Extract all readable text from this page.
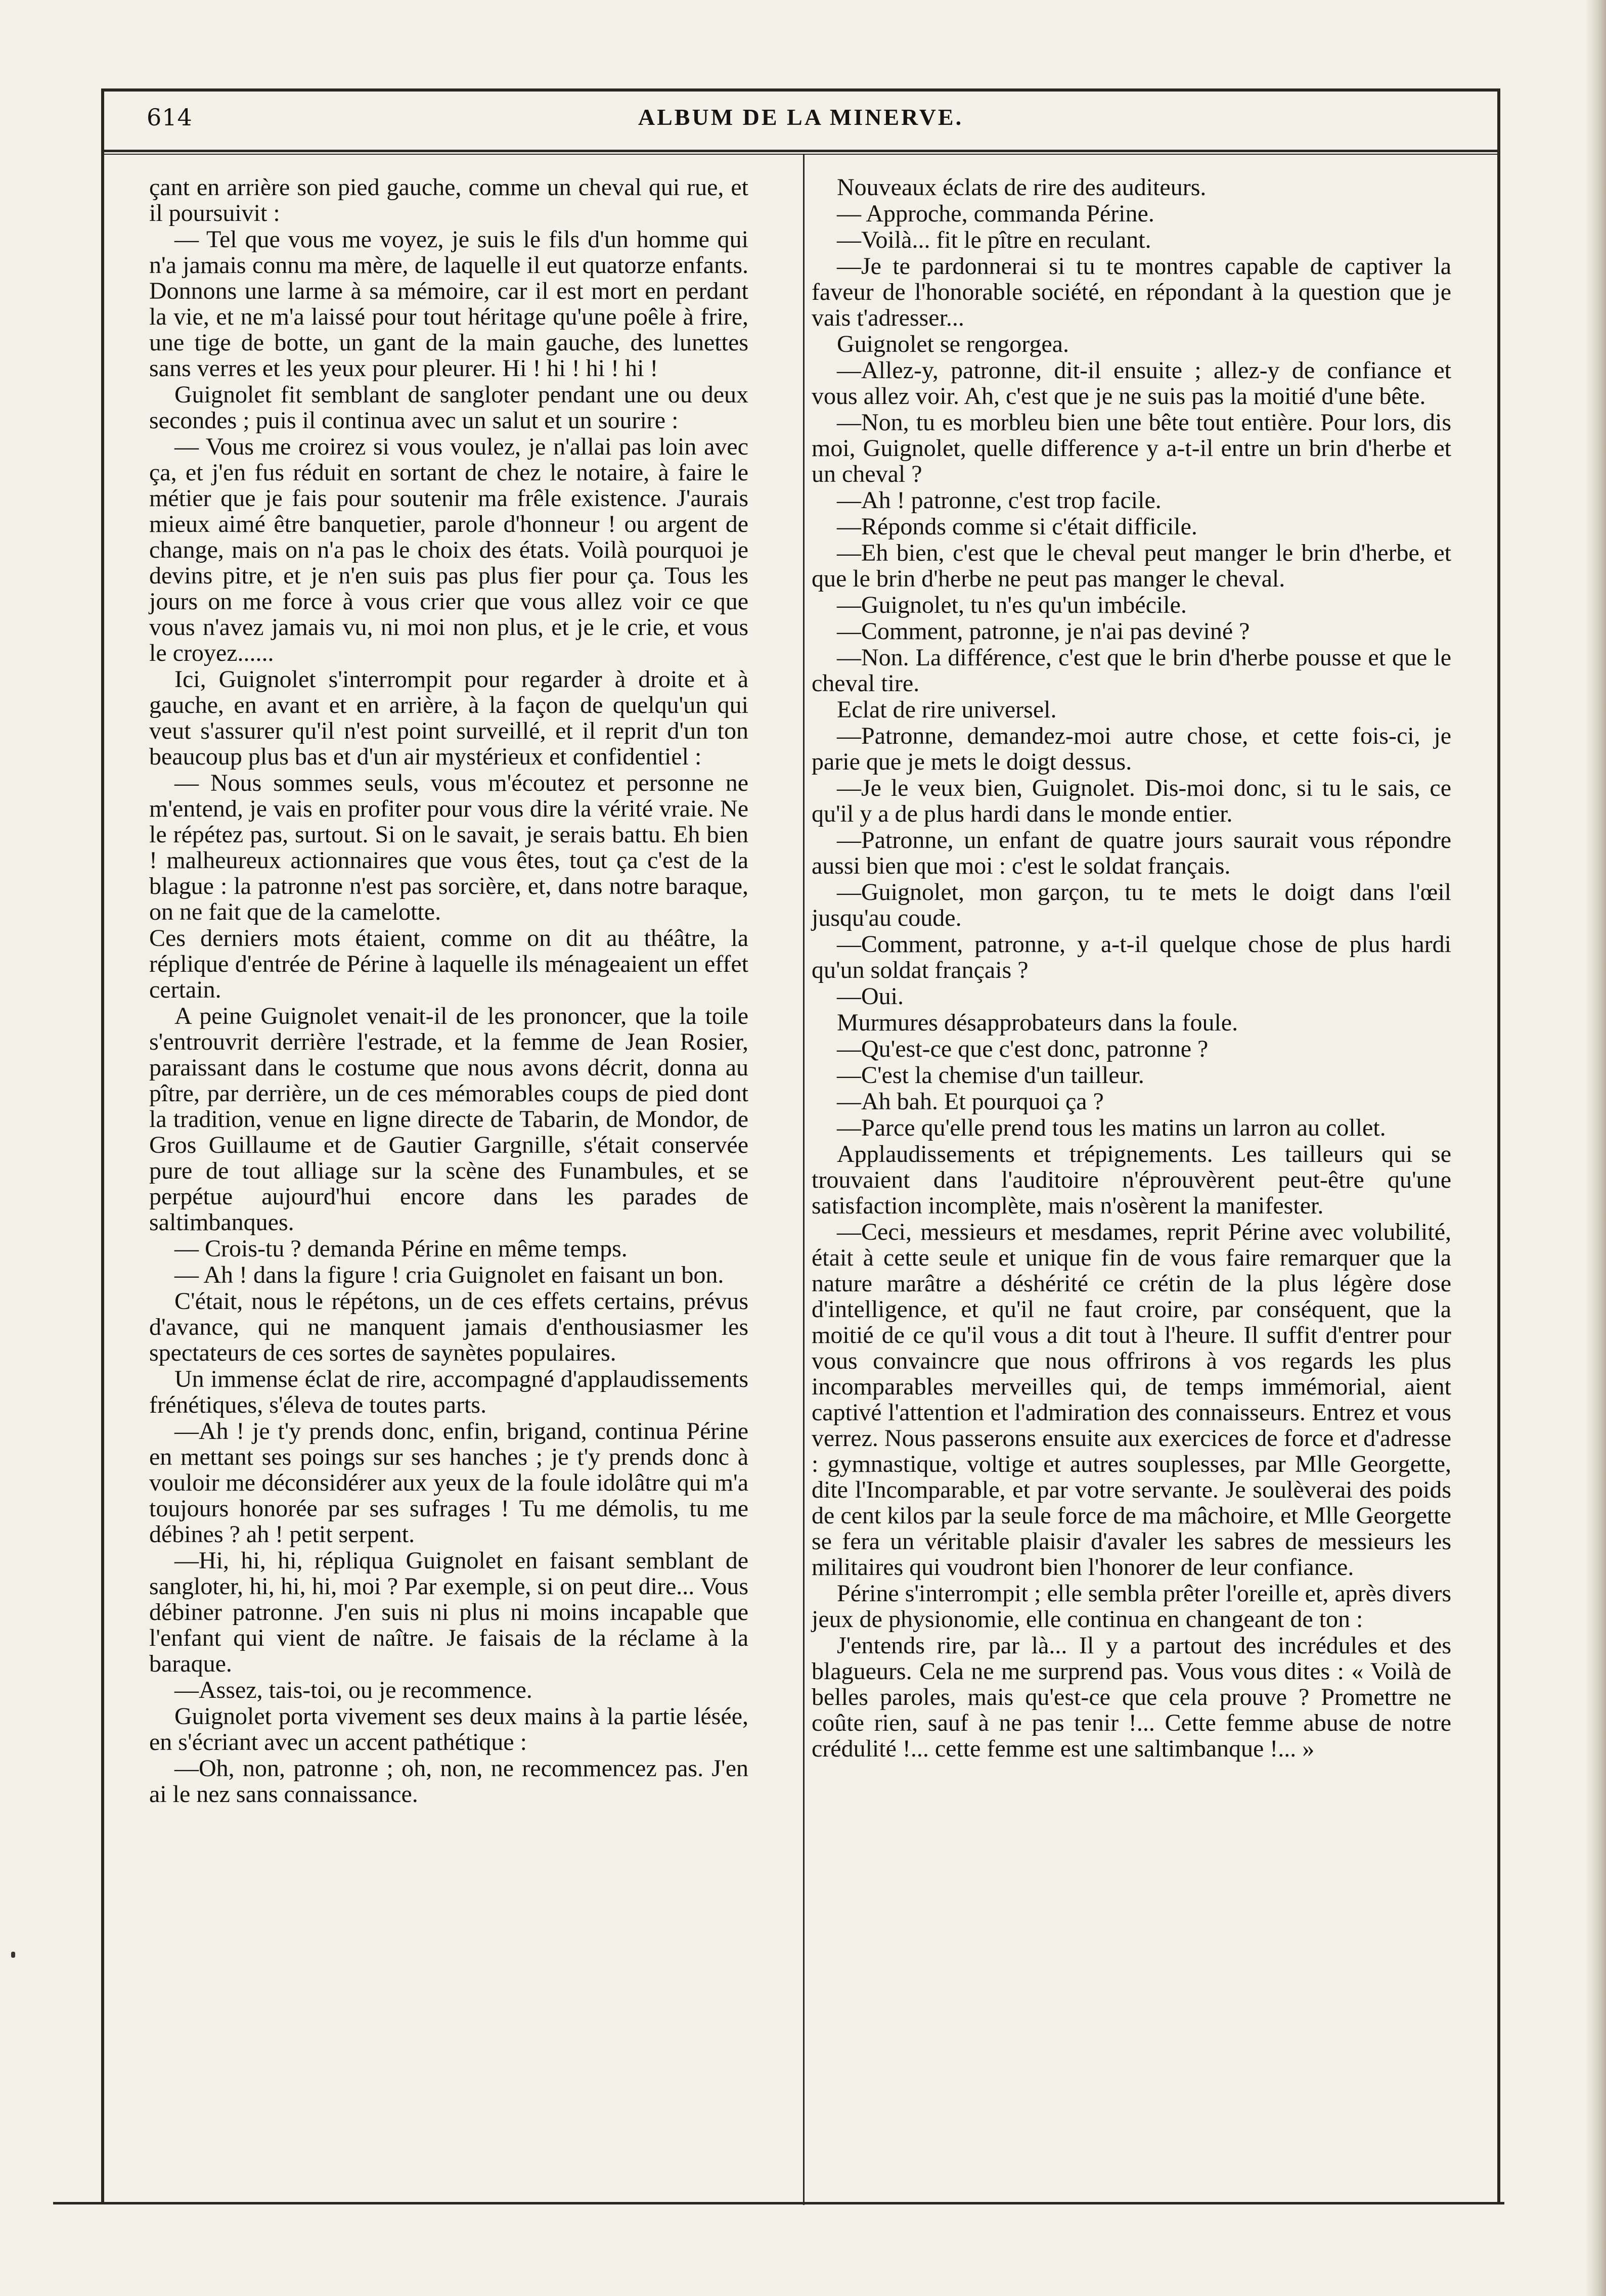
614	ALBUM DE LA MINERVE.

çant en arrière son pied gauche, comme un cheval qui rue, et il poursuivit :

— Tel que vous me voyez, je suis le fils d'un homme qui n'a jamais connu ma mère, de laquelle il eut quatorze enfants. Donnons une larme à sa mémoire, car il est mort en perdant la vie, et ne m'a laissé pour tout héritage qu'une poêle à frire, une tige de botte, un gant de la main gauche, des lunettes sans verres et les yeux pour pleurer. Hi ! hi ! hi ! hi !

Guignolet fit semblant de sangloter pendant une ou deux secondes ; puis il continua avec un salut et un sourire :

— Vous me croirez si vous voulez, je n'allai pas loin avec ça, et j'en fus réduit en sortant de chez le notaire, à faire le métier que je fais pour soutenir ma frêle existence. J'aurais mieux aimé être banquetier, parole d'honneur ! ou argent de change, mais on n'a pas le choix des états. Voilà pourquoi je devins pitre, et je n'en suis pas plus fier pour ça. Tous les jours on me force à vous crier que vous allez voir ce que vous n'avez jamais vu, ni moi non plus, et je le crie, et vous le croyez......

Ici, Guignolet s'interrompit pour regarder à droite et à gauche, en avant et en arrière, à la façon de quelqu'un qui veut s'assurer qu'il n'est point surveillé, et il reprit d'un ton beaucoup plus bas et d'un air mystérieux et confidentiel :

— Nous sommes seuls, vous m'écoutez et personne ne m'entend, je vais en profiter pour vous dire la vérité vraie. Ne le répétez pas, surtout. Si on le savait, je serais battu. Eh bien ! malheureux actionnaires que vous êtes, tout ça c'est de la blague : la patronne n'est pas sorcière, et, dans notre baraque, on ne fait que de la camelotte.

Ces derniers mots étaient, comme on dit au théâtre, la réplique d'entrée de Périne à laquelle ils ménageaient un effet certain.

A peine Guignolet venait-il de les prononcer, que la toile s'entrouvrit derrière l'estrade, et la femme de Jean Rosier, paraissant dans le costume que nous avons décrit, donna au pître, par derrière, un de ces mémorables coups de pied dont la tradition, venue en ligne directe de Tabarin, de Mondor, de Gros Guillaume et de Gautier Gargnille, s'était conservée pure de tout alliage sur la scène des Funambules, et se perpétue aujourd'hui encore dans les parades de saltimbanques.

— Crois-tu ? demanda Périne en même temps.

— Ah ! dans la figure ! cria Guignolet en faisant un bon.

C'était, nous le répétons, un de ces effets certains, prévus d'avance, qui ne manquent jamais d'enthousiasmer les spectateurs de ces sortes de saynètes populaires.

Un immense éclat de rire, accompagné d'applaudissements frénétiques, s'éleva de toutes parts.

—Ah ! je t'y prends donc, enfin, brigand, continua Périne en mettant ses poings sur ses hanches ; je t'y prends donc à vouloir me déconsidérer aux yeux de la foule idolâtre qui m'a toujours honorée par ses sufrages ! Tu me démolis, tu me débines ? ah ! petit serpent.

—Hi, hi, hi, répliqua Guignolet en faisant semblant de sangloter, hi, hi, hi, moi ? Par exemple, si on peut dire... Vous débiner patronne. J'en suis ni plus ni moins incapable que l'enfant qui vient de naître. Je faisais de la réclame à la baraque.

—Assez, tais-toi, ou je recommence.

Guignolet porta vivement ses deux mains à la partie lésée, en s'écriant avec un accent pathétique :

—Oh, non, patronne ; oh, non, ne recommencez pas. J'en ai le nez sans connaissance.

Nouveaux éclats de rire des auditeurs.

— Approche, commanda Périne.

—Voilà... fit le pître en reculant.

—Je te pardonnerai si tu te montres capable de captiver la faveur de l'honorable société, en répondant à la question que je vais t'adresser...

Guignolet se rengorgea.

—Allez-y, patronne, dit-il ensuite ; allez-y de confiance et vous allez voir. Ah, c'est que je ne suis pas la moitié d'une bête.

—Non, tu es morbleu bien une bête tout entière. Pour lors, dis moi, Guignolet, quelle difference y a-t-il entre un brin d'herbe et un cheval ?

—Ah ! patronne, c'est trop facile.

—Réponds comme si c'était difficile.

—Eh bien, c'est que le cheval peut manger le brin d'herbe, et que le brin d'herbe ne peut pas manger le cheval.

—Guignolet, tu n'es qu'un imbécile.

—Comment, patronne, je n'ai pas deviné ?

—Non. La différence, c'est que le brin d'herbe pousse et que le cheval tire.

Eclat de rire universel.

—Patronne, demandez-moi autre chose, et cette fois-ci, je parie que je mets le doigt dessus.

—Je le veux bien, Guignolet. Dis-moi donc, si tu le sais, ce qu'il y a de plus hardi dans le monde entier.

—Patronne, un enfant de quatre jours saurait vous répondre aussi bien que moi : c'est le soldat français.

—Guignolet, mon garçon, tu te mets le doigt dans l'œil jusqu'au coude.

—Comment, patronne, y a-t-il quelque chose de plus hardi qu'un soldat français ?

—Oui.

Murmures désapprobateurs dans la foule.

—Qu'est-ce que c'est donc, patronne ?

—C'est la chemise d'un tailleur.

—Ah bah. Et pourquoi ça ?

—Parce qu'elle prend tous les matins un larron au collet.

Applaudissements et trépignements. Les tailleurs qui se trouvaient dans l'auditoire n'éprouvèrent peut-être qu'une satisfaction incomplète, mais n'osèrent la manifester.

—Ceci, messieurs et mesdames, reprit Périne avec volubilité, était à cette seule et unique fin de vous faire remarquer que la nature marâtre a déshérité ce crétin de la plus légère dose d'intelligence, et qu'il ne faut croire, par conséquent, que la moitié de ce qu'il vous a dit tout à l'heure. Il suffit d'entrer pour vous convaincre que nous offrirons à vos regards les plus incomparables merveilles qui, de temps immémorial, aient captivé l'attention et l'admiration des connaisseurs. Entrez et vous verrez. Nous passerons ensuite aux exercices de force et d'adresse : gymnastique, voltige et autres souplesses, par Mlle Georgette, dite l'Incomparable, et par votre servante. Je soulèverai des poids de cent kilos par la seule force de ma mâchoire, et Mlle Georgette se fera un véritable plaisir d'avaler les sabres de messieurs les militaires qui voudront bien l'honorer de leur confiance.

Périne s'interrompit ; elle sembla prêter l'oreille et, après divers jeux de physionomie, elle continua en changeant de ton :

J'entends rire, par là... Il y a partout des incrédules et des blagueurs. Cela ne me surprend pas. Vous vous dites : « Voilà de belles paroles, mais qu'est-ce que cela prouve ? Promettre ne coûte rien, sauf à ne pas tenir !... Cette femme abuse de notre crédulité !... cette femme est une saltimbanque !... »
